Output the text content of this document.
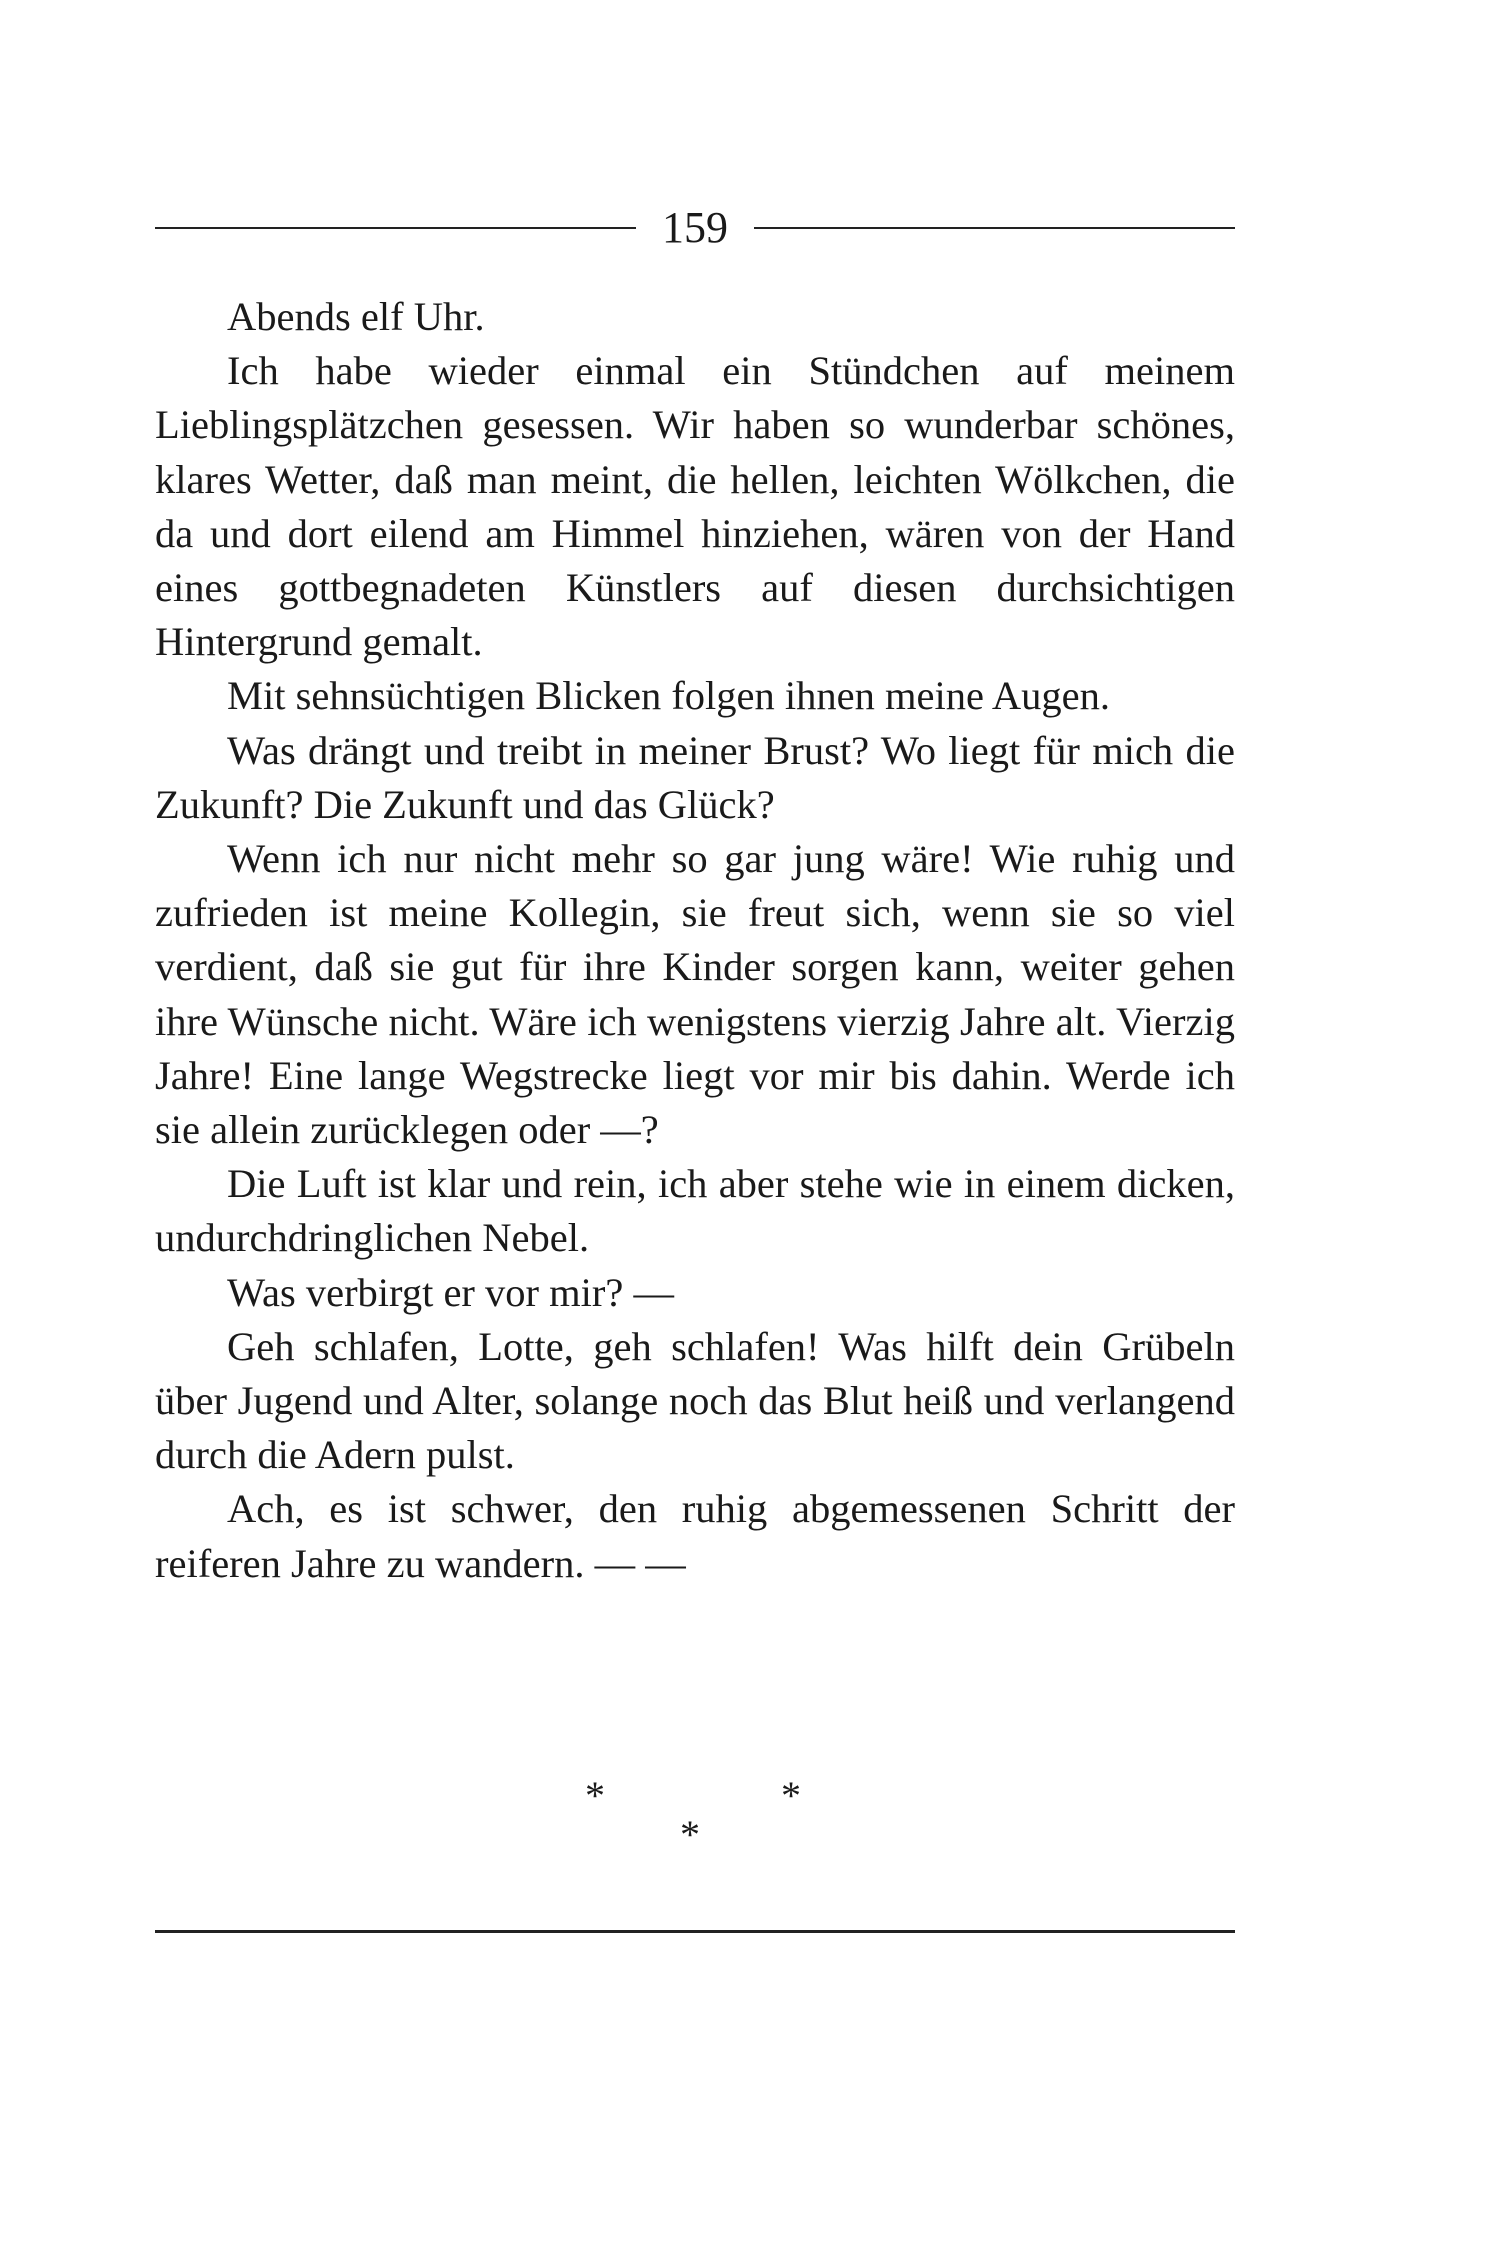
159

Abends elf Uhr.

Ich habe wieder einmal ein Stündchen auf meinem Lieblingsplätzchen gesessen. Wir haben so wunderbar schönes, klares Wetter, daß man meint, die hellen, leichten Wölkchen, die da und dort eilend am Himmel hinziehen, wären von der Hand eines gottbegnadeten Künstlers auf diesen durchsichtigen Hintergrund gemalt.

Mit sehnsüchtigen Blicken folgen ihnen meine Augen.

Was drängt und treibt in meiner Brust? Wo liegt für mich die Zukunft? Die Zukunft und das Glück?

Wenn ich nur nicht mehr so gar jung wäre! Wie ruhig und zufrieden ist meine Kollegin, sie freut sich, wenn sie so viel verdient, daß sie gut für ihre Kinder sorgen kann, weiter gehen ihre Wünsche nicht. Wäre ich wenigstens vierzig Jahre alt. Vierzig Jahre! Eine lange Wegstrecke liegt vor mir bis dahin. Werde ich sie allein zurücklegen oder —?

Die Luft ist klar und rein, ich aber stehe wie in einem dicken, undurchdringlichen Nebel.

Was verbirgt er vor mir? —

Geh schlafen, Lotte, geh schlafen! Was hilft dein Grübeln über Jugend und Alter, solange noch das Blut heiß und verlangend durch die Adern pulst.

Ach, es ist schwer, den ruhig abgemessenen Schritt der reiferen Jahre zu wandern. — —

*	*
*
